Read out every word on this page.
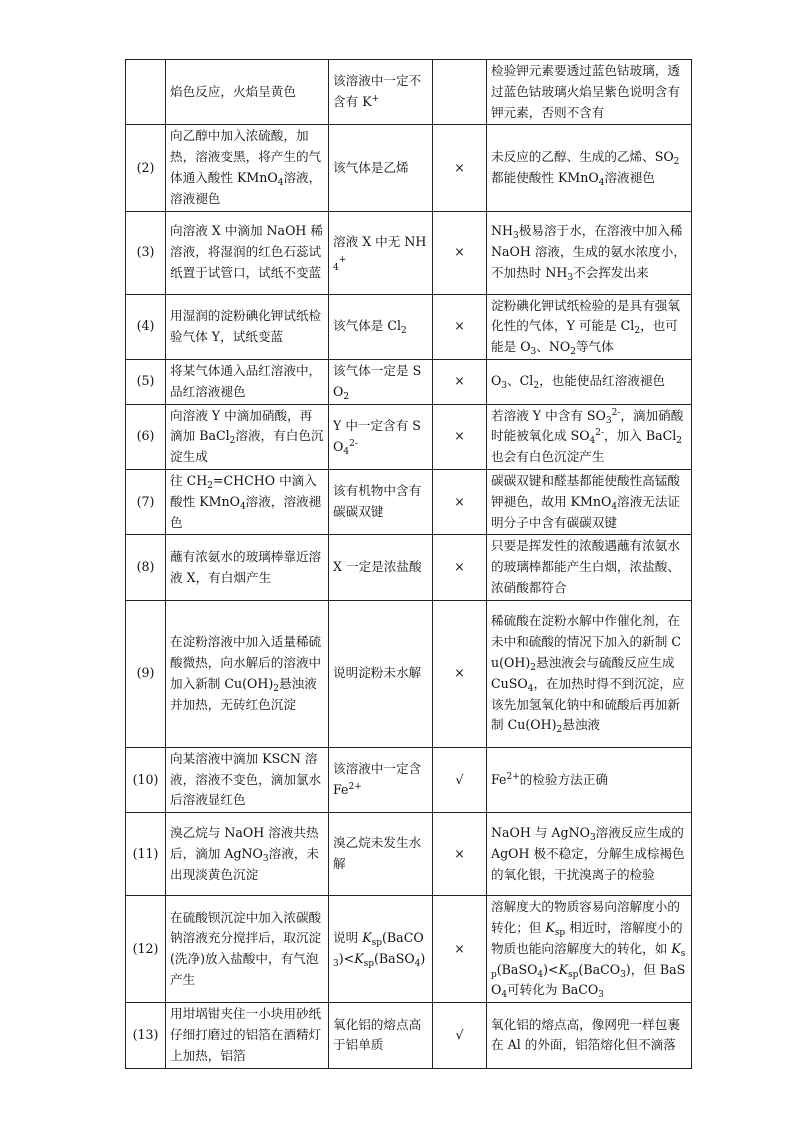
	焰色反应，火焰呈黄色	该溶液中一定不含有 K+		检验钾元素要透过蓝色钴玻璃，透过蓝色钴玻璃火焰呈紫色说明含有钾元素，否则不含有
(2)	向乙醇中加入浓硫酸，加热，溶液变黑，将产生的气体通入酸性 KMnO$_4$溶液，溶液褪色	该气体是乙烯	×	未反应的乙醇、生成的乙烯、$SO_2$都能使酸性 KMnO$_4$溶液褪色
(3)	向溶液 X 中滴加 NaOH 稀溶液，将湿润的红色石蕊试纸置于试管口，试纸不变蓝	溶液 X 中无 $NH_4^+$	×	$NH_3$极易溶于水，在溶液中加入稀 NaOH 溶液，生成的氨水浓度小，不加热时 $NH_3$不会挥发出来
(4)	用湿润的淀粉碘化钾试纸检验气体 Y，试纸变蓝	该气体是 $Cl_2$	×	淀粉碘化钾试纸检验的是具有强氧化性的气体，Y 可能是 $Cl_2$，也可能是 $O_3$、$NO_2$等气体
(5)	将某气体通入品红溶液中，品红溶液褪色	该气体一定是 $SO_2$	×	$O_3$、$Cl_2$，也能使品红溶液褪色
(6)	向溶液 Y 中滴加硝酸，再滴加 BaCl$_2$溶液，有白色沉淀生成	Y 中一定含有 $SO_4^{2-}$	×	若溶液 Y 中含有 $SO_3^{2-}$，滴加硝酸时能被氧化成 $SO_4^{2-}$，加入 BaCl$_2$也会有白色沉淀产生
(7)	往 $CH_2=CHCHO$ 中滴入酸性 KMnO$_4$溶液，溶液褪色	该有机物中含有碳碳双键	×	碳碳双键和醛基都能使酸性高锰酸钾褪色，故用 KMnO$_4$溶液无法证明分子中含有碳碳双键
(8)	蘸有浓氨水的玻璃棒靠近溶液 X，有白烟产生	X 一定是浓盐酸	×	只要是挥发性的浓酸遇蘸有浓氨水的玻璃棒都能产生白烟，浓盐酸、浓硝酸都符合
(9)	在淀粉溶液中加入适量稀硫酸微热，向水解后的溶液中加入新制 $Cu(OH)_2$悬浊液并加热，无砖红色沉淀	说明淀粉未水解	×	稀硫酸在淀粉水解中作催化剂，在未中和硫酸的情况下加入的新制 $Cu(OH)_2$悬浊液会与硫酸反应生成 CuSO$_4$，在加热时得不到沉淀，应该先加氢氧化钠中和硫酸后再加新制 $Cu(OH)_2$悬浊液
(10)	向某溶液中滴加 KSCN 溶液，溶液不变色，滴加氯水后溶液显红色	该溶液中一定含 $Fe^{2+}$	√	$Fe^{2+}$的检验方法正确
(11)	溴乙烷与 NaOH 溶液共热后，滴加 AgNO$_3$溶液，未出现淡黄色沉淀	溴乙烷未发生水解	×	NaOH 与 AgNO$_3$溶液反应生成的 AgOH 极不稳定，分解生成棕褐色的氧化银，干扰溴离子的检验
(12)	在硫酸钡沉淀中加入浓碳酸钠溶液充分搅拌后，取沉淀(洗净)放入盐酸中，有气泡产生	说明 $K_{sp}(BaCO_3)<K_{sp}(BaSO_4)$	×	溶解度大的物质容易向溶解度小的转化；但 $K_{sp}$ 相近时，溶解度小的物质也能向溶解度大的转化，如 $K_{sp}(BaSO_4)<K_{sp}(BaCO_3)$，但 BaSO$_4$可转化为 BaCO$_3$
(13)	用坩埚钳夹住一小块用砂纸仔细打磨过的铝箔在酒精灯上加热，铝箔	氧化铝的熔点高于铝单质	√	氧化铝的熔点高，像网兜一样包裹在 Al 的外面，铝箔熔化但不滴落
